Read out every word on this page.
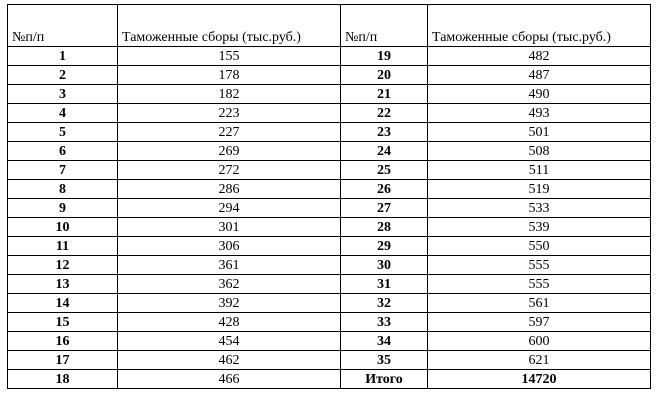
№п/п	Таможенные сборы (тыс.руб.)	№п/п	Таможенные сборы (тыс.руб.)
1	155	19	482
2	178	20	487
3	182	21	490
4	223	22	493
5	227	23	501
6	269	24	508
7	272	25	511
8	286	26	519
9	294	27	533
10	301	28	539
11	306	29	550
12	361	30	555
13	362	31	555
14	392	32	561
15	428	33	597
16	454	34	600
17	462	35	621
18	466	Итого	14720
